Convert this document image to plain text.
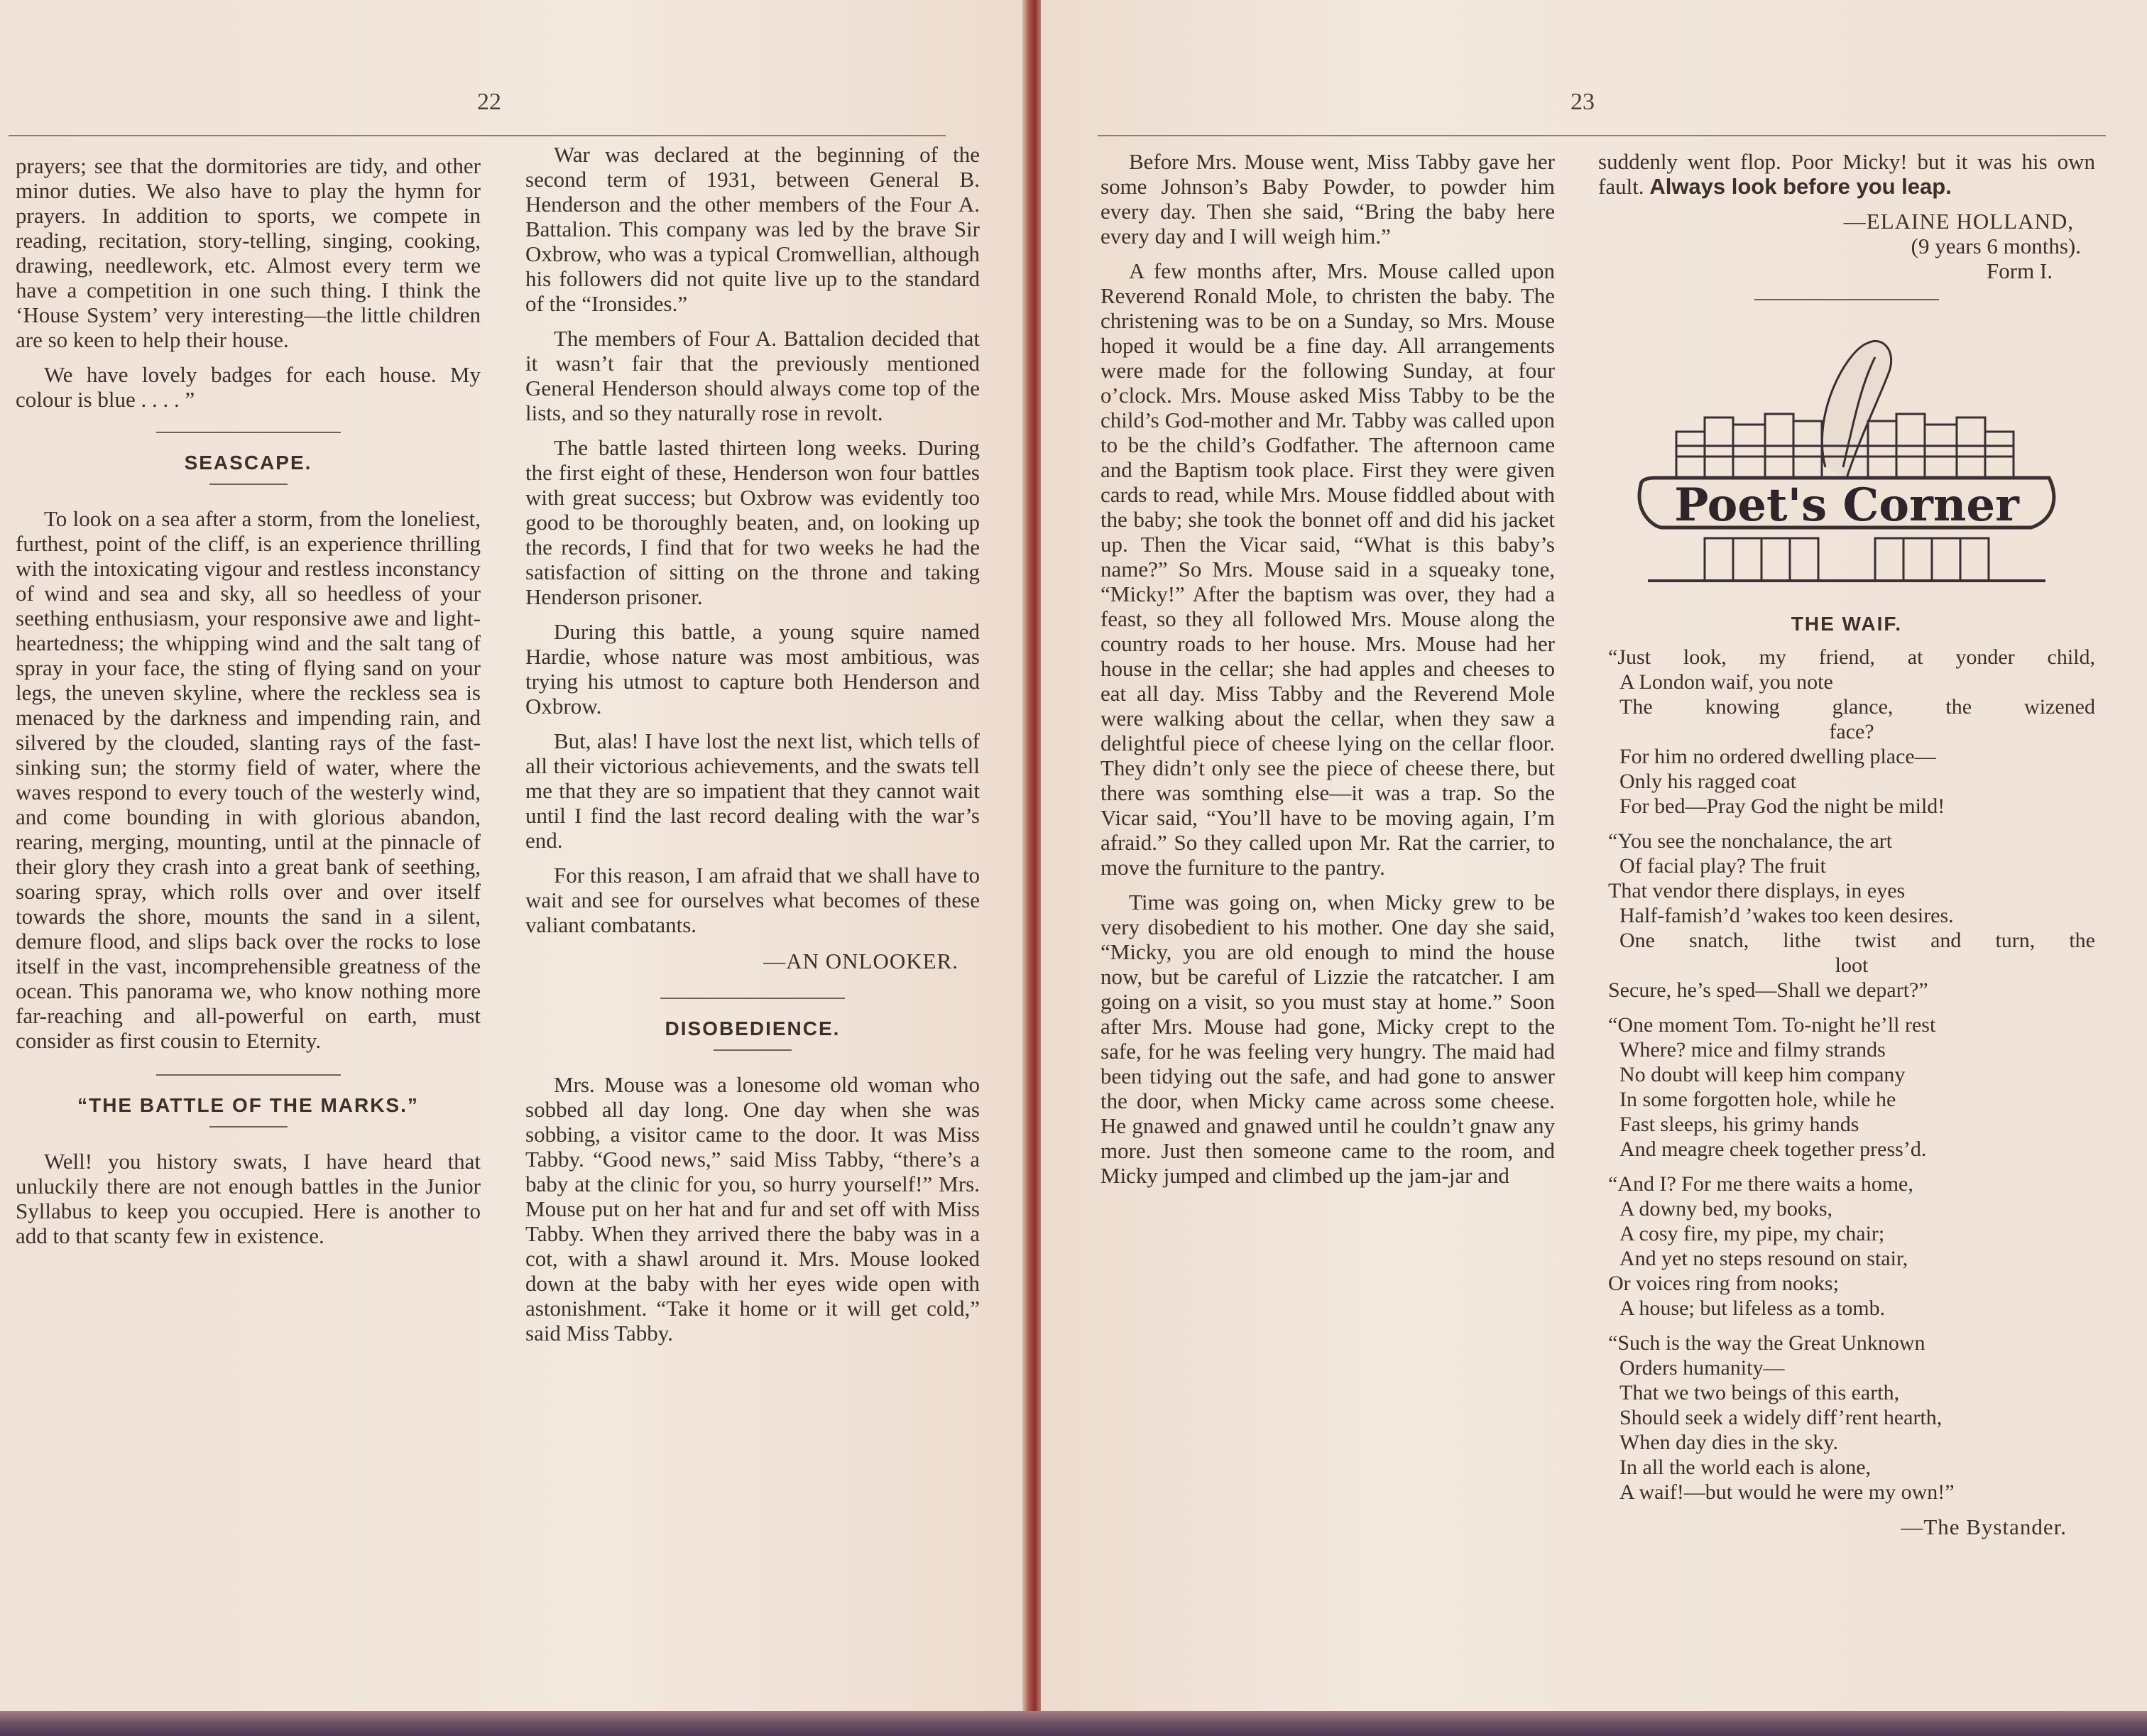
22

prayers; see that the dormitories are tidy, and other minor duties. We also have to play the hymn for prayers. In addition to sports, we compete in reading, recitation, story-telling, singing, cooking, drawing, needlework, etc. Almost every term we have a competition in one such thing. I think the ‘House System’ very interesting—the little children are so keen to help their house.

We have lovely badges for each house. My colour is blue . . . . ”

SEASCAPE.

To look on a sea after a storm, from the loneliest, furthest, point of the cliff, is an experience thrilling with the intoxicating vigour and restless inconstancy of wind and sea and sky, all so heedless of your seething enthusiasm, your responsive awe and light-heartedness; the whipping wind and the salt tang of spray in your face, the sting of flying sand on your legs, the uneven skyline, where the reckless sea is menaced by the darkness and impending rain, and silvered by the clouded, slanting rays of the fast-sinking sun; the stormy field of water, where the waves respond to every touch of the westerly wind, and come bounding in with glorious abandon, rearing, merging, mounting, until at the pinnacle of their glory they crash into a great bank of seething, soaring spray, which rolls over and over itself towards the shore, mounts the sand in a silent, demure flood, and slips back over the rocks to lose itself in the vast, incomprehensible greatness of the ocean. This panorama we, who know nothing more far-reaching and all-powerful on earth, must consider as first cousin to Eternity.

“THE BATTLE OF THE MARKS.”

Well! you history swats, I have heard that unluckily there are not enough battles in the Junior Syllabus to keep you occupied. Here is another to add to that scanty few in existence.

War was declared at the beginning of the second term of 1931, between General B. Henderson and the other members of the Four A. Battalion. This company was led by the brave Sir Oxbrow, who was a typical Cromwellian, although his followers did not quite live up to the standard of the “Ironsides.”

The members of Four A. Battalion decided that it wasn’t fair that the previously mentioned General Henderson should always come top of the lists, and so they naturally rose in revolt.

The battle lasted thirteen long weeks. During the first eight of these, Henderson won four battles with great success; but Oxbrow was evidently too good to be thoroughly beaten, and, on looking up the records, I find that for two weeks he had the satisfaction of sitting on the throne and taking Henderson prisoner.

During this battle, a young squire named Hardie, whose nature was most ambitious, was trying his utmost to capture both Henderson and Oxbrow.

But, alas! I have lost the next list, which tells of all their victorious achievements, and the swats tell me that they are so impatient that they cannot wait until I find the last record dealing with the war’s end.

For this reason, I am afraid that we shall have to wait and see for ourselves what becomes of these valiant combatants.

—AN ONLOOKER.
DISOBEDIENCE.

Mrs. Mouse was a lonesome old woman who sobbed all day long. One day when she was sobbing, a visitor came to the door. It was Miss Tabby. “Good news,” said Miss Tabby, “there’s a baby at the clinic for you, so hurry yourself!” Mrs. Mouse put on her hat and fur and set off with Miss Tabby. When they arrived there the baby was in a cot, with a shawl around it. Mrs. Mouse looked down at the baby with her eyes wide open with astonishment. “Take it home or it will get cold,” said Miss Tabby.

23

Before Mrs. Mouse went, Miss Tabby gave her some Johnson’s Baby Powder, to powder him every day. Then she said, “Bring the baby here every day and I will weigh him.”

A few months after, Mrs. Mouse called upon Reverend Ronald Mole, to christen the baby. The christening was to be on a Sunday, so Mrs. Mouse hoped it would be a fine day. All arrangements were made for the following Sunday, at four o’clock. Mrs. Mouse asked Miss Tabby to be the child’s God-mother and Mr. Tabby was called upon to be the child’s Godfather. The afternoon came and the Baptism took place. First they were given cards to read, while Mrs. Mouse fiddled about with the baby; she took the bonnet off and did his jacket up. Then the Vicar said, “What is this baby’s name?” So Mrs. Mouse said in a squeaky tone, “Micky!” After the baptism was over, they had a feast, so they all followed Mrs. Mouse along the country roads to her house. Mrs. Mouse had her house in the cellar; she had apples and cheeses to eat all day. Miss Tabby and the Reverend Mole were walking about the cellar, when they saw a delightful piece of cheese lying on the cellar floor. They didn’t only see the piece of cheese there, but there was somthing else—it was a trap. So the Vicar said, “You’ll have to be moving again, I’m afraid.” So they called upon Mr. Rat the carrier, to move the furniture to the pantry.

Time was going on, when Micky grew to be very disobedient to his mother. One day she said, “Micky, you are old enough to mind the house now, but be careful of Lizzie the ratcatcher. I am going on a visit, so you must stay at home.” Soon after Mrs. Mouse had gone, Micky crept to the safe, for he was feeling very hungry. The maid had been tidying out the safe, and had gone to answer the door, when Micky came across some cheese. He gnawed and gnawed until he couldn’t gnaw any more. Just then someone came to the room, and Micky jumped and climbed up the jam-jar and

suddenly went flop. Poor Micky! but it was his own fault. Always look before you leap.

—ELAINE HOLLAND,
(9 years 6 months).
Form I.
Poet's Corner
THE WAIF.
“Just look, my friend, at yonder child,
A London waif, you note
The knowing glance, the wizened
face?
For him no ordered dwelling place—
Only his ragged coat
For bed—Pray God the night be mild!
“You see the nonchalance, the art
Of facial play? The fruit
That vendor there displays, in eyes
Half-famish’d ’wakes too keen desires.
One snatch, lithe twist and turn, the
loot
Secure, he’s sped—Shall we depart?”
“One moment Tom. To-night he’ll rest
Where? mice and filmy strands
No doubt will keep him company
In some forgotten hole, while he
Fast sleeps, his grimy hands
And meagre cheek together press’d.
“And I? For me there waits a home,
A downy bed, my books,
A cosy fire, my pipe, my chair;
And yet no steps resound on stair,
Or voices ring from nooks;
A house; but lifeless as a tomb.
“Such is the way the Great Unknown
Orders humanity—
That we two beings of this earth,
Should seek a widely diff’rent hearth,
When day dies in the sky.
In all the world each is alone,
A waif!—but would he were my own!”
—The Bystander.
